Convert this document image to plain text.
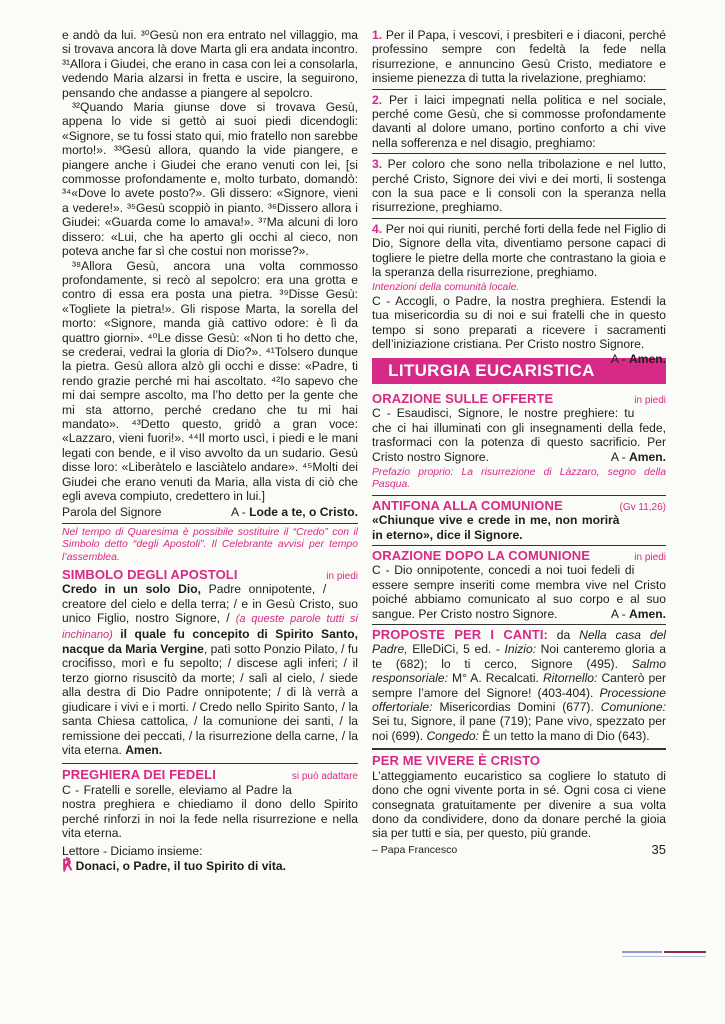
e andò da lui. ³⁰Gesù non era entrato nel villaggio, ma si trovava ancora là dove Marta gli era andata incontro. ³¹Allora i Giudei, che erano in casa con lei a consolarla, vedendo Maria alzarsi in fretta e uscire, la seguirono, pensando che andasse a piangere al sepolcro.

³²Quando Maria giunse dove si trovava Gesù, appena lo vide si gettò ai suoi piedi dicendogli: «Signore, se tu fossi stato qui, mio fratello non sarebbe morto!». ³³Gesù allora, quando la vide piangere, e piangere anche i Giudei che erano venuti con lei, [si commosse profondamente e, molto turbato, domandò: ³⁴«Dove lo avete posto?». Gli dissero: «Signore, vieni a vedere!». ³⁵Gesù scoppiò in pianto. ³⁶Dissero allora i Giudei: «Guarda come lo amava!». ³⁷Ma alcuni di loro dissero: «Lui, che ha aperto gli occhi al cieco, non poteva anche far sì che costui non morisse?».

³⁸Allora Gesù, ancora una volta commosso profondamente, si recò al sepolcro: era una grotta e contro di essa era posta una pietra. ³⁹Disse Gesù: «Togliete la pietra!». Gli rispose Marta, la sorella del morto: «Signore, manda già cattivo odore: è lì da quattro giorni». ⁴⁰Le disse Gesù: «Non ti ho detto che, se crederai, vedrai la gloria di Dio?». ⁴¹Tolsero dunque la pietra. Gesù allora alzò gli occhi e disse: «Padre, ti rendo grazie perché mi hai ascoltato. ⁴²Io sapevo che mi dai sempre ascolto, ma l’ho detto per la gente che mi sta attorno, perché credano che tu mi hai mandato». ⁴³Detto questo, gridò a gran voce: «Lazzaro, vieni fuori!». ⁴⁴Il morto uscì, i piedi e le mani legati con bende, e il viso avvolto da un sudario. Gesù disse loro: «Liberàtelo e lasciàtelo andare». ⁴⁵Molti dei Giudei che erano venuti da Maria, alla vista di ciò che egli aveva compiuto, credettero in lui.]

Parola del Signore	A - Lode a te, o Cristo.

Nel tempo di Quaresima è possibile sostituire il “Credo” con il Simbolo detto “degli Apostoli”. Il Celebrante avvisi per tempo l’assemblea.

SIMBOLO DEGLI APOSTOLI	in piedi

Credo in un solo Dio, Padre onnipotente, / creatore del cielo e della terra; / e in Gesù Cristo, suo unico Figlio, nostro Signore, / (a queste parole tutti si inchinano) il quale fu concepito di Spirito Santo, nacque da Maria Vergine, patì sotto Ponzio Pilato, / fu crocifisso, morì e fu sepolto; / discese agli inferi; / il terzo giorno risuscitò da morte; / salì al cielo, / siede alla destra di Dio Padre onnipotente; / di là verrà a giudicare i vivi e i morti. / Credo nello Spirito Santo, / la santa Chiesa cattolica, / la comunione dei santi, / la remissione dei peccati, / la risurrezione della carne, / la vita eterna. Amen.

PREGHIERA DEI FEDELI	si può adattare

C - Fratelli e sorelle, eleviamo al Padre la nostra preghiera e chiediamo il dono dello Spirito perché rinforzi in noi la fede nella risurrezione e nella vita eterna.

Lettore - Diciamo insieme:

℟ Donaci, o Padre, il tuo Spirito di vita.

1. Per il Papa, i vescovi, i presbiteri e i diaconi, perché professino sempre con fedeltà la fede nella risurrezione, e annuncino Gesù Cristo, mediatore e insieme pienezza di tutta la rivelazione, preghiamo:

2. Per i laici impegnati nella politica e nel sociale, perché come Gesù, che si commosse profondamente davanti al dolore umano, portino conforto a chi vive nella sofferenza e nel disagio, preghiamo:

3. Per coloro che sono nella tribolazione e nel lutto, perché Cristo, Signore dei vivi e dei morti, li sostenga con la sua pace e li consoli con la speranza nella risurrezione, preghiamo.

4. Per noi qui riuniti, perché forti della fede nel Figlio di Dio, Signore della vita, diventiamo persone capaci di togliere le pietre della morte che contrastano la gioia e la speranza della risurrezione, preghiamo.

Intenzioni della comunità locale.

C - Accogli, o Padre, la nostra preghiera. Estendi la tua misericordia su di noi e sui fratelli che in questo tempo si sono preparati a ricevere i sacramenti dell’iniziazione cristiana. Per Cristo nostro Signore.
A - Amen.

LITURGIA EUCARISTICA
ORAZIONE SULLE OFFERTE	in piedi

C - Esaudisci, Signore, le nostre preghiere: tu che ci hai illuminati con gli insegnamenti della fede, trasformaci con la potenza di questo sacrificio. Per Cristo nostro Signore.	A - Amen.

Prefazio proprio: La risurrezione di Làzzaro, segno della Pasqua.

ANTIFONA ALLA COMUNIONE	(Gv 11,26)

«Chiunque vive e crede in me, non morirà in eterno», dice il Signore.

ORAZIONE DOPO LA COMUNIONE	in piedi

C - Dio onnipotente, concedi a noi tuoi fedeli di essere sempre inseriti come membra vive nel Cristo poiché abbiamo comunicato al suo corpo e al suo sangue. Per Cristo nostro Signore.	A - Amen.

PROPOSTE PER I CANTI: da Nella casa del Padre, ElleDiCi, 5 ed. - Inizio: Noi canteremo gloria a te (682); lo ti cerco, Signore (495). Salmo responsoriale: M° A. Recalcati. Ritornello: Canterò per sempre l’amore del Signore! (403-404). Processione offertoriale: Misericordias Domini (677). Comunione: Sei tu, Signore, il pane (719); Pane vivo, spezzato per noi (699). Congedo: È un tetto la mano di Dio (643).

PER ME VIVERE È CRISTO

L’atteggiamento eucaristico sa cogliere lo statuto di dono che ogni vivente porta in sé. Ogni cosa ci viene consegnata gratuitamente per divenire a sua volta dono da condividere, dono da donare perché la gioia sia per tutti e sia, per questo, più grande.

– Papa Francesco	35
